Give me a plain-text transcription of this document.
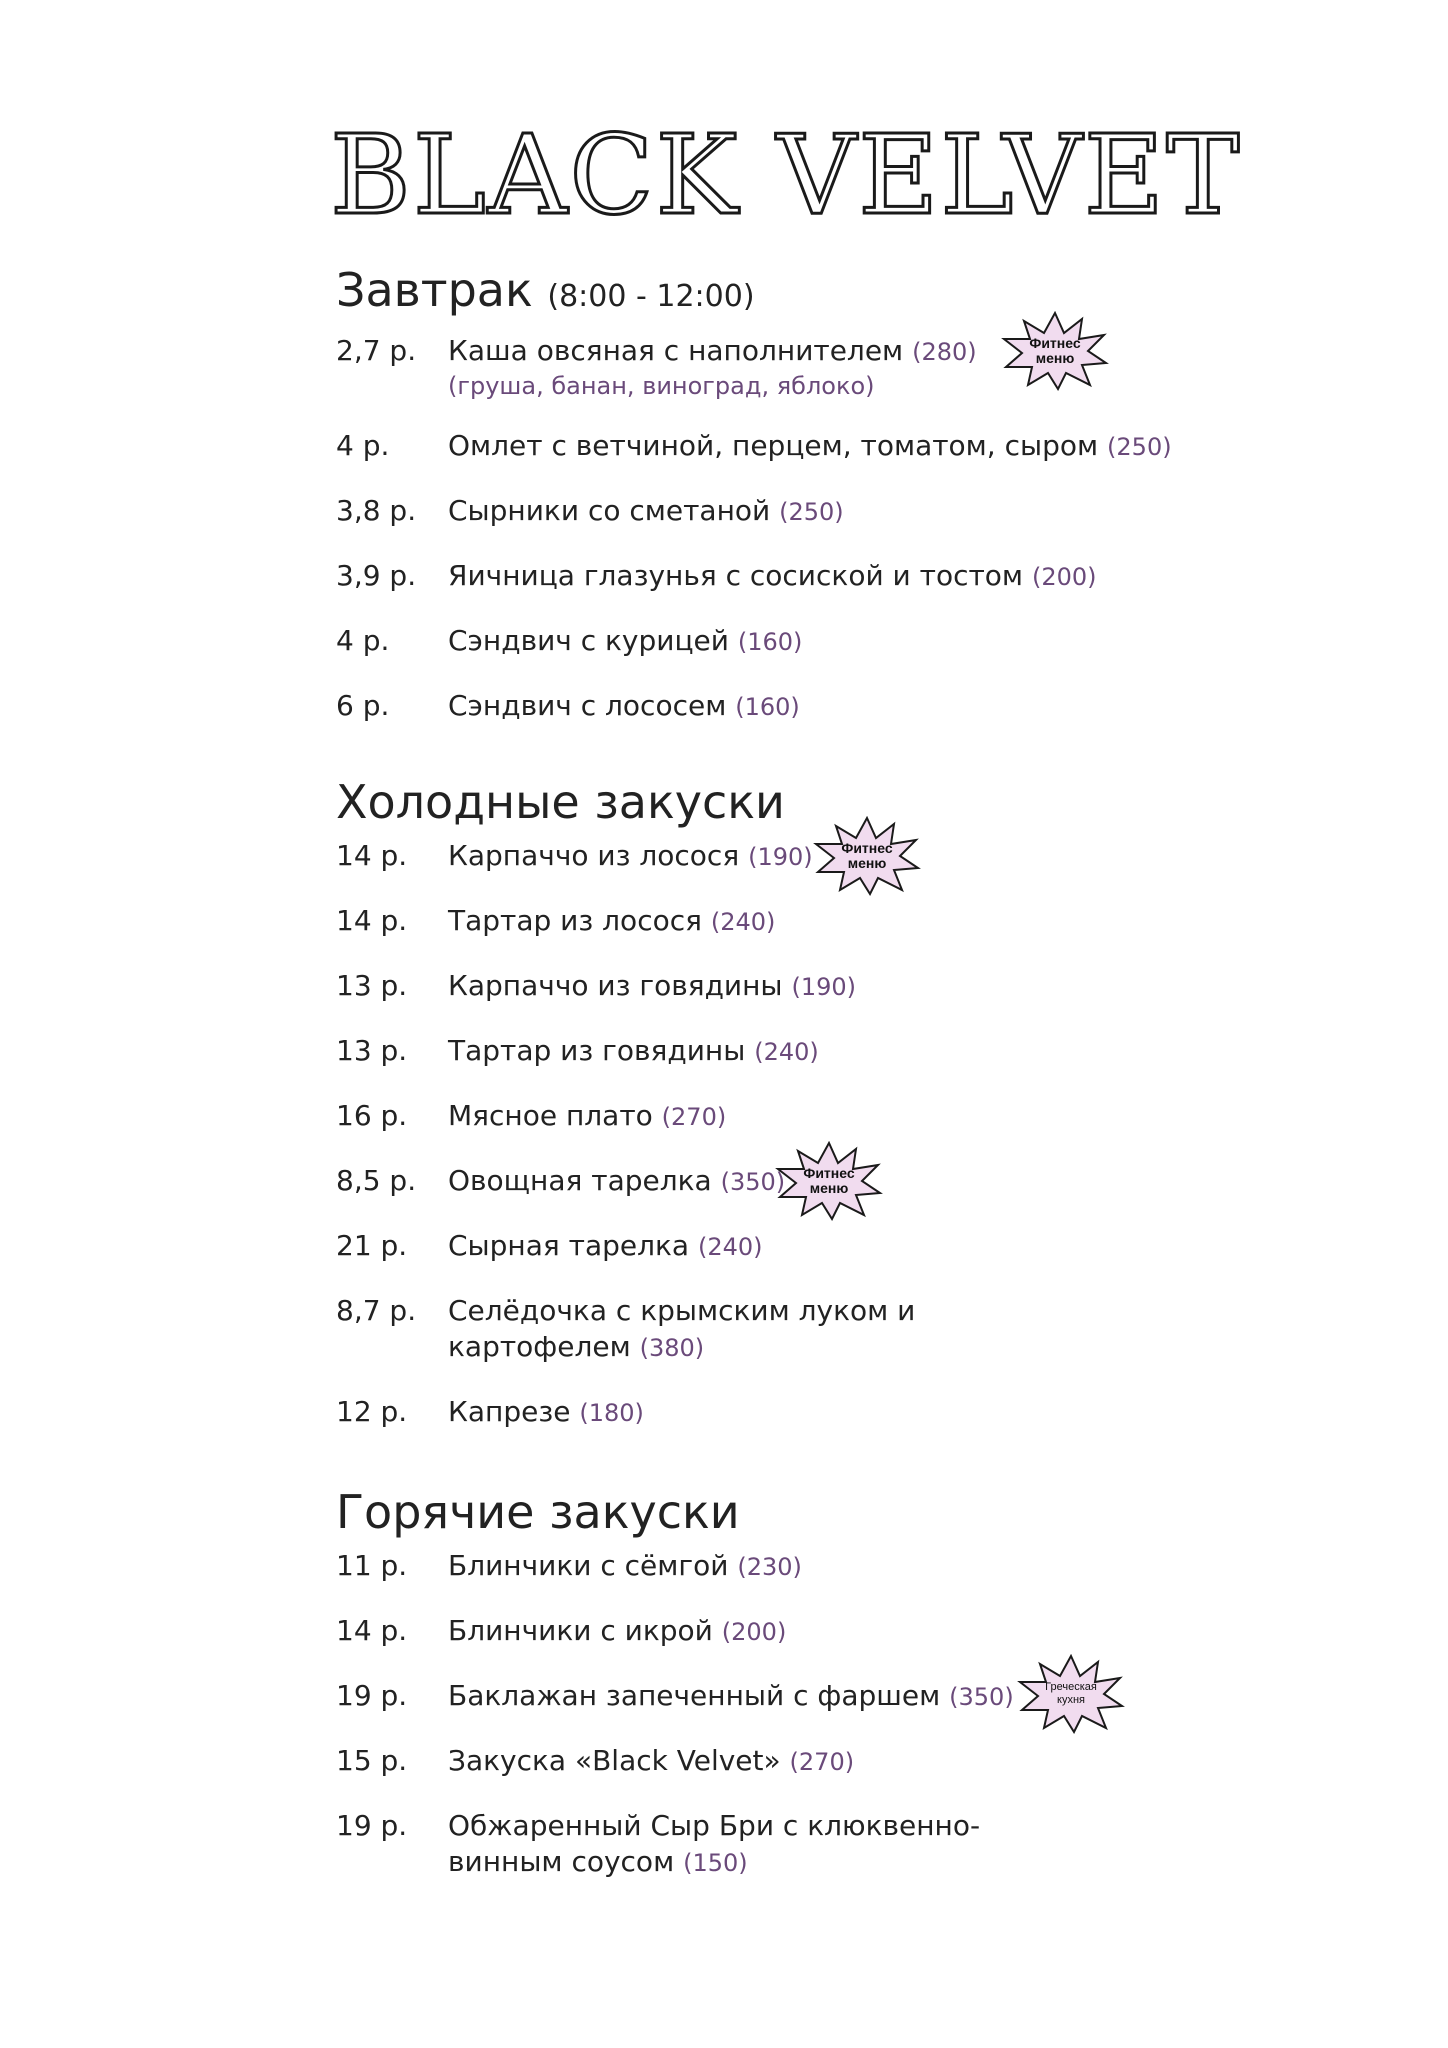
BLACK VELVET
Завтрак (8:00 - 12:00)
2,7 р.	Каша овсяная с наполнителем (280)
(груша, банан, виноград, яблоко)
Фитнес меню
4 р.	Омлет с ветчиной, перцем, томатом, сыром (250)
3,8 р.	Сырники со сметаной (250)
3,9 р.	Яичница глазунья с сосиской и тостом (200)
4 р.	Сэндвич с курицей (160)
6 р.	Сэндвич с лососем (160)
Холодные закуски
14 р.	Карпаччо из лосося (190)	Фитнес меню
14 р.	Тартар из лосося (240)
13 р.	Карпаччо из говядины (190)
13 р.	Тартар из говядины (240)
16 р.	Мясное плато (270)
8,5 р.	Овощная тарелка (350)	Фитнес меню
21 р.	Сырная тарелка (240)
8,7 р.	Селёдочка с крымским луком и
картофелем (380)
12 р.	Капрезе (180)
Горячие закуски
11 р.	Блинчики с сёмгой (230)
14 р.	Блинчики с икрой (200)
19 р.	Баклажан запеченный с фаршем (350)	Греческая кухня
15 р.	Закуска «Black Velvet» (270)
19 р.	Обжаренный Сыр Бри с клюквенно-
винным соусом (150)
